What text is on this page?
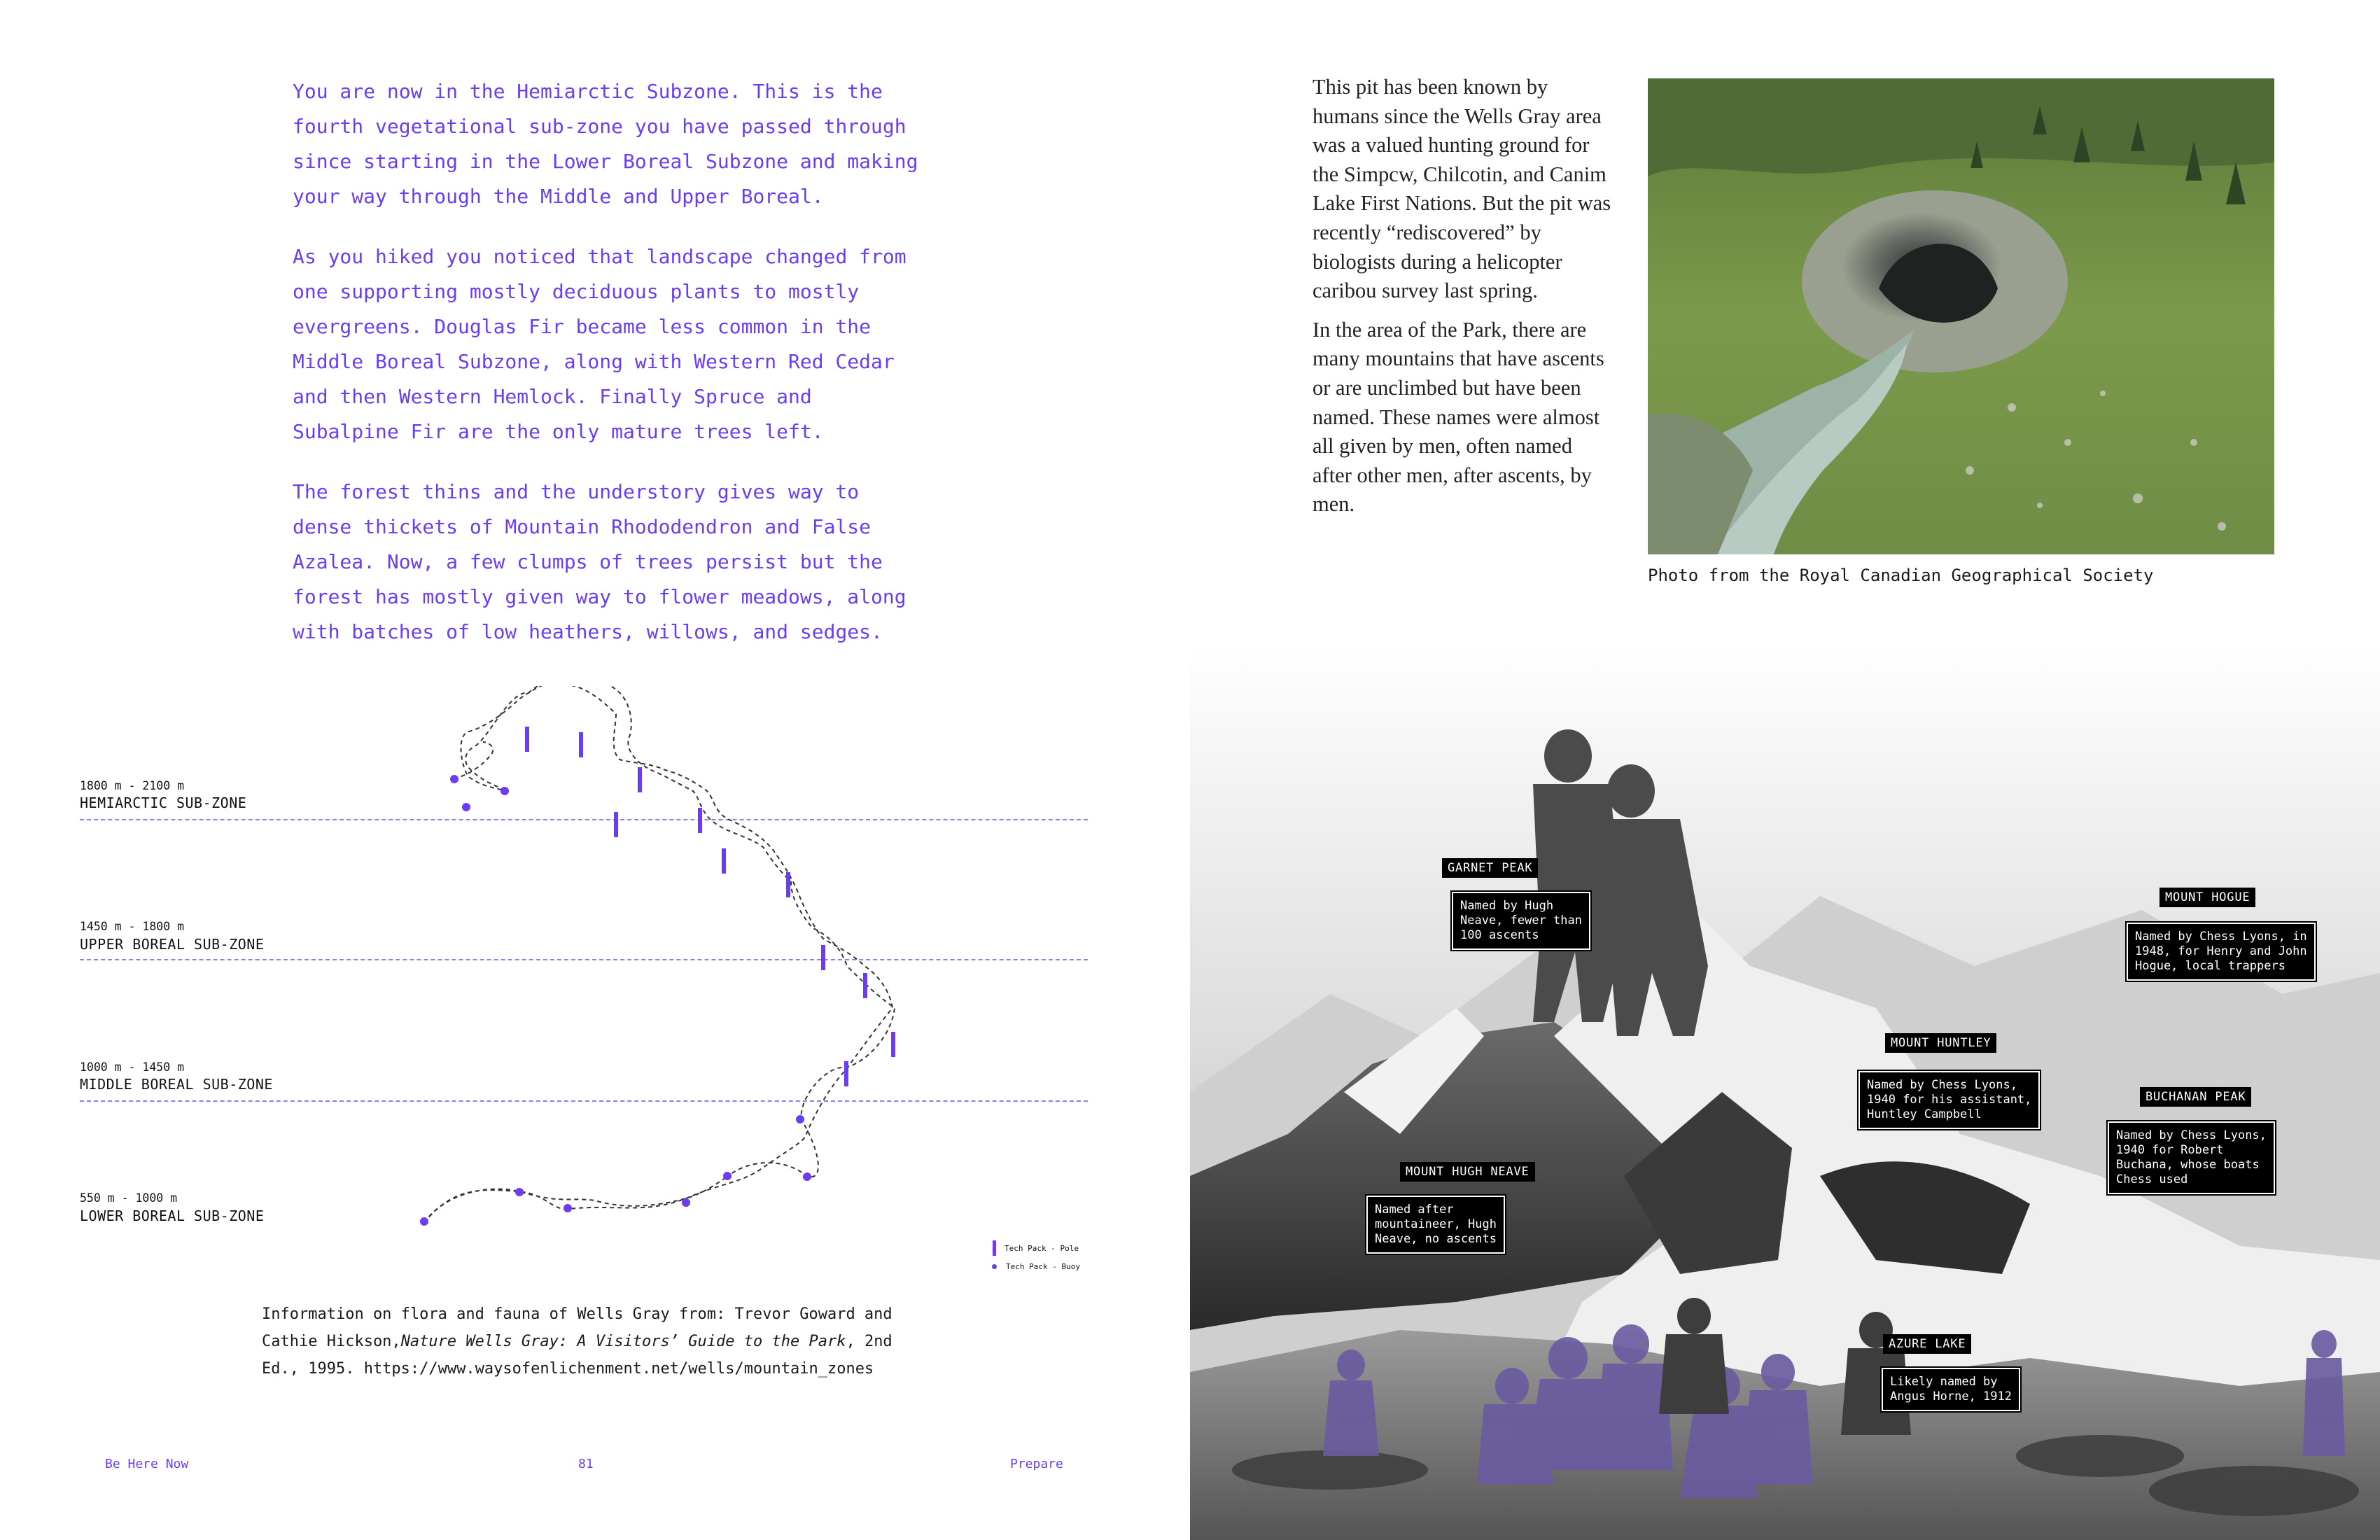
You are now in the Hemiarctic Subzone. This is the fourth vegetational sub-zone you have passed through since starting in the Lower Boreal Subzone and making your way through the Middle and Upper Boreal.

As you hiked you noticed that landscape changed from one supporting mostly deciduous plants to mostly evergreens. Douglas Fir became less common in the Middle Boreal Subzone, along with Western Red Cedar and then Western Hemlock. Finally Spruce and Subalpine Fir are the only mature trees left.

The forest thins and the understory gives way to dense thickets of Mountain Rhododendron and False Azalea. Now, a few clumps of trees persist but the forest has mostly given way to flower meadows, along with batches of low heathers, willows, and sedges.

1800 m - 2100 m
HEMIARCTIC SUB-ZONE
1450 m - 1800 m
UPPER BOREAL SUB-ZONE
1000 m - 1450 m
MIDDLE BOREAL SUB-ZONE
550 m - 1000 m
LOWER BOREAL SUB-ZONE
Tech Pack - Pole
Tech Pack - Buoy
Information on flora and fauna of Wells Gray from: Trevor Goward and Cathie Hickson,Nature Wells Gray: A Visitors’ Guide to the Park, 2nd Ed., 1995. https://www.waysofenlichenment.net/wells/mountain_zones
Be Here Now	81	Prepare

This pit has been known by humans since the Wells Gray area was a valued hunting ground for the Simpcw, Chilcotin, and Canim Lake First Nations. But the pit was recently “rediscovered” by biologists during a helicopter caribou survey last spring.

In the area of the Park, there are many mountains that have ascents or are unclimbed but have been named. These names were almost all given by men, often named after other men, after ascents, by men.

Photo from the Royal Canadian Geographical Society
GARNET PEAK
Named by Hugh
Neave, fewer than
100 ascents
MOUNT HOGUE
Named by Chess Lyons, in
1948, for Henry and John
Hogue, local trappers
MOUNT HUNTLEY
Named by Chess Lyons,
1940 for his assistant,
Huntley Campbell
BUCHANAN PEAK
Named by Chess Lyons,
1940 for Robert
Buchana, whose boats
Chess used
MOUNT HUGH NEAVE
Named after
mountaineer, Hugh
Neave, no ascents
AZURE LAKE
Likely named by
Angus Horne, 1912
